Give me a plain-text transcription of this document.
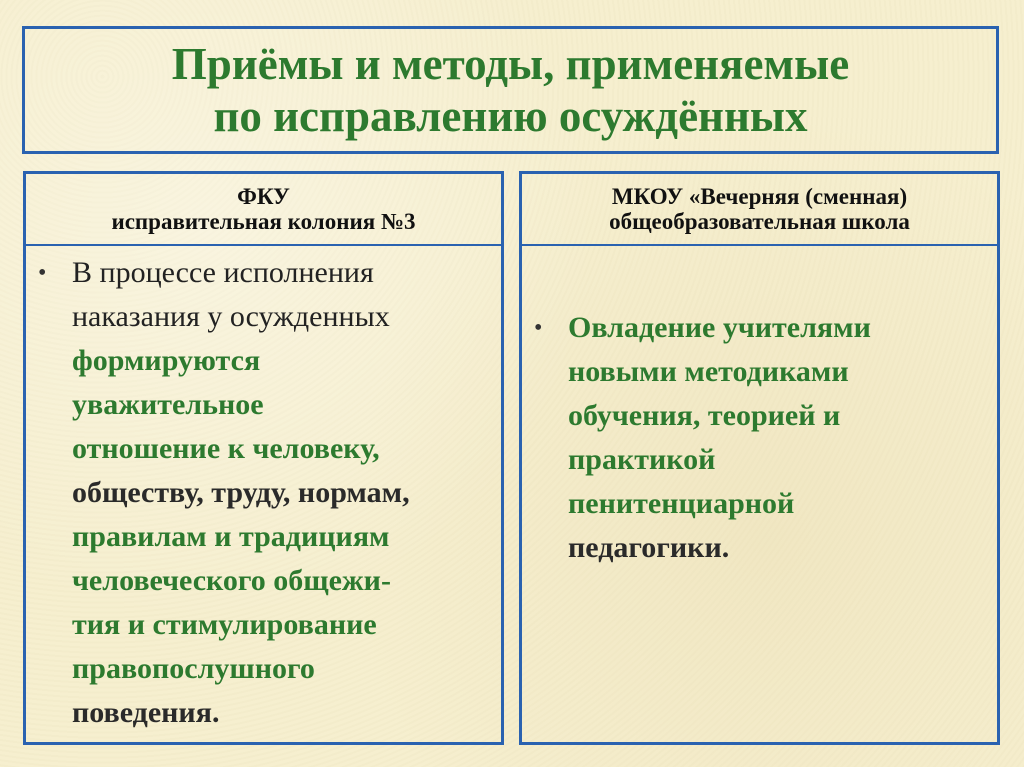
Приёмы и методы, применяемые
по исправлению осуждённых

ФКУ
исправительная колония №3
• В процессе исполнения
наказания у осужденных
формируются
уважительное
отношение к человеку,
обществу, труду, нормам,
правилам и традициям
человеческого общежи-
тия и стимулирование
правопослушного
поведения.
МКОУ «Вечерняя (сменная)
общеобразовательная школа
• Овладение учителями
новыми методиками
обучения, теорией и
практикой
пенитенциарной
педагогики.
